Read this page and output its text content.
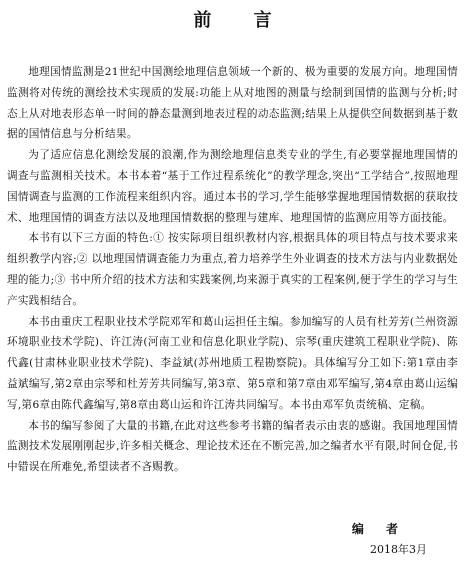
前 言

地理国情监测是21世纪中国测绘地理信息领域一个新的、极为重要的发展方向。地理国情监测将对传统的测绘技术实现质的发展:功能上从对地图的测量与绘制到国情的监测与分析;时态上从对地表形态单一时间的静态量测到地表过程的动态监测;结果上从提供空间数据到基于数据的国情信息与分析结果。

为了适应信息化测绘发展的浪潮,作为测绘地理信息类专业的学生,有必要掌握地理国情的调查与监测相关技术。本书本着“基于工作过程系统化”的教学理念,突出“工学结合”,按照地理国情调查与监测的工作流程来组织内容。通过本书的学习,学生能够掌握地理国情数据的获取技术、地理国情的调查方法以及地理国情数据的整理与建库、地理国情的监测应用等方面技能。

本书有以下三方面的特色:① 按实际项目组织教材内容,根据具体的项目特点与技术要求来组织教学内容;② 以地理国情调查能力为重点,着力培养学生外业调查的技术方法与内业数据处理的能力;③ 书中所介绍的技术方法和实践案例,均来源于真实的工程案例,便于学生的学习与生产实践相结合。

本书由重庆工程职业技术学院邓军和葛山运担任主编。参加编写的人员有杜芳芳(兰州资源环境职业技术学院)、许江涛(河南工业和信息化职业学院)、宗琴(重庆建筑工程职业学院)、陈代鑫(甘肃林业职业技术学院)、李益斌(苏州地质工程勘察院)。具体编写分工如下:第1章由李益斌编写,第2章由宗琴和杜芳芳共同编写,第3章、第5章和第7章由邓军编写,第4章由葛山运编写,第6章由陈代鑫编写,第8章由葛山运和许江涛共同编写。本书由邓军负责统稿、定稿。

本书的编写参阅了大量的书籍,在此对这些参考书籍的编者表示由衷的感谢。我国地理国情监测技术发展刚刚起步,许多相关概念、理论技术还在不断完善,加之编者水平有限,时间仓促,书中错误在所难免,希望读者不吝赐教。

编 者
2018年3月
